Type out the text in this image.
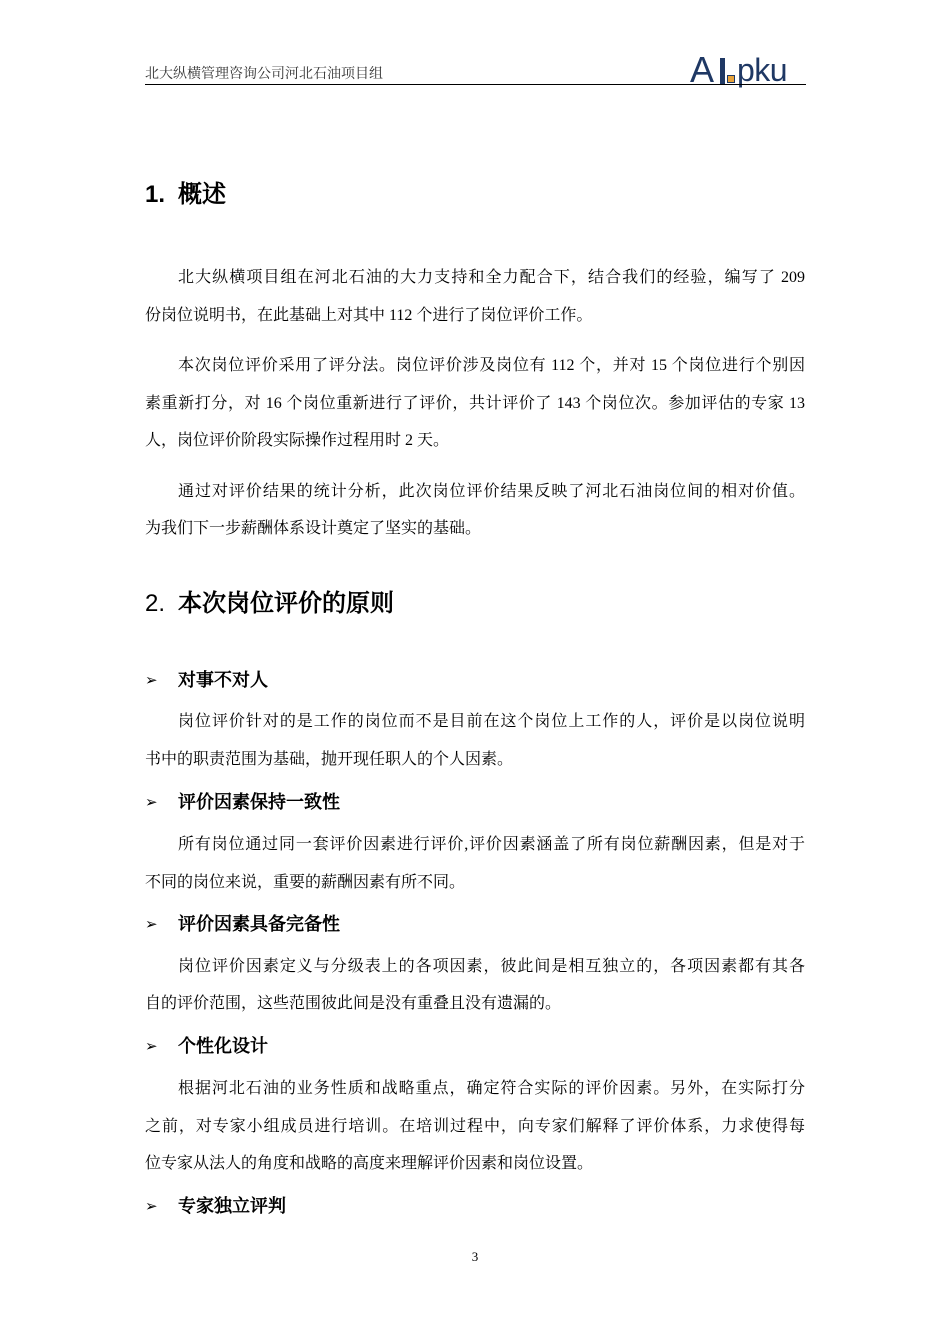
北大纵横管理咨询公司河北石油项目组	A pku
1. 概述
北大纵横项目组在河北石油的大力支持和全力配合下，结合我们的经验，编写了 209
份岗位说明书，在此基础上对其中 112 个进行了岗位评价工作。
本次岗位评价采用了评分法。岗位评价涉及岗位有 112 个，并对 15 个岗位进行个别因
素重新打分，对 16 个岗位重新进行了评价，共计评价了 143 个岗位次。参加评估的专家 13
人，岗位评价阶段实际操作过程用时 2 天。
通过对评价结果的统计分析，此次岗位评价结果反映了河北石油岗位间的相对价值。
为我们下一步薪酬体系设计奠定了坚实的基础。
2. 本次岗位评价的原则
➢ 对事不对人
岗位评价针对的是工作的岗位而不是目前在这个岗位上工作的人，评价是以岗位说明
书中的职责范围为基础，抛开现任职人的个人因素。
➢ 评价因素保持一致性
所有岗位通过同一套评价因素进行评价,评价因素涵盖了所有岗位薪酬因素，但是对于
不同的岗位来说，重要的薪酬因素有所不同。
➢ 评价因素具备完备性
岗位评价因素定义与分级表上的各项因素，彼此间是相互独立的，各项因素都有其各
自的评价范围，这些范围彼此间是没有重叠且没有遗漏的。
➢ 个性化设计
根据河北石油的业务性质和战略重点，确定符合实际的评价因素。另外，在实际打分
之前，对专家小组成员进行培训。在培训过程中，向专家们解释了评价体系，力求使得每
位专家从法人的角度和战略的高度来理解评价因素和岗位设置。
➢ 专家独立评判
3
